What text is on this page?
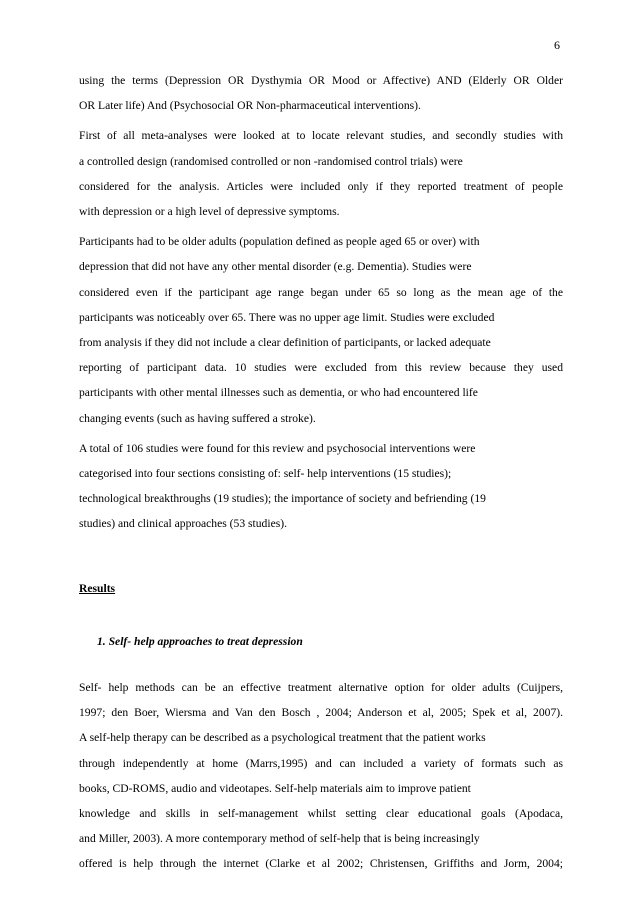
6
using the terms (Depression OR Dysthymia OR Mood or Affective) AND (Elderly OR Older
OR Later life) And (Psychosocial OR Non-pharmaceutical interventions).
First of all meta-analyses were looked at to locate relevant studies, and secondly studies with
a controlled design (randomised controlled or non -randomised control trials) were
considered for the analysis. Articles were included only if they reported treatment of people
with depression or a high level of depressive symptoms.
Participants had to be older adults (population defined as people aged 65 or over) with
depression that did not have any other mental disorder (e.g. Dementia). Studies were
considered even if the participant age range began under 65 so long as the mean age of the
participants was noticeably over 65. There was no upper age limit. Studies were excluded
from analysis if they did not include a clear definition of participants, or lacked adequate
reporting of participant data. 10 studies were excluded from this review because they used
participants with other mental illnesses such as dementia, or who had encountered life
changing events (such as having suffered a stroke).
A total of 106 studies were found for this review and psychosocial interventions were
categorised into four sections consisting of: self- help interventions (15 studies);
technological breakthroughs (19 studies); the importance of society and befriending (19
studies) and clinical approaches (53 studies).
Results
1. Self- help approaches to treat depression
Self- help methods can be an effective treatment alternative option for older adults (Cuijpers,
1997; den Boer, Wiersma and Van den Bosch , 2004; Anderson et al, 2005; Spek et al, 2007).
A self-help therapy can be described as a psychological treatment that the patient works
through independently at home (Marrs,1995) and can included a variety of formats such as
books, CD-ROMS, audio and videotapes. Self-help materials aim to improve patient
knowledge and skills in self-management whilst setting clear educational goals (Apodaca,
and Miller, 2003). A more contemporary method of self-help that is being increasingly
offered is help through the internet (Clarke et al 2002; Christensen, Griffiths and Jorm, 2004;
